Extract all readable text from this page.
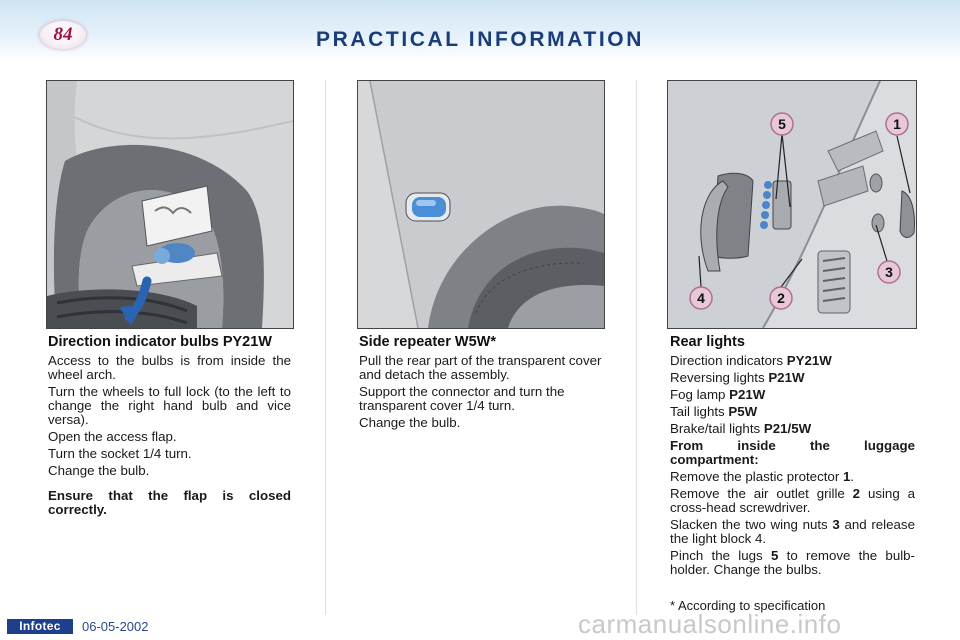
84	PRACTICAL INFORMATION
5	1
3
4	2
Direction indicator bulbs PY21W

Access to the bulbs is from inside the wheel arch.

Turn the wheels to full lock (to the left to change the right hand bulb and vice versa).

Open the access flap.

Turn the socket 1/4 turn.

Change the bulb.

Ensure that the flap is closed correctly.

Side repeater W5W*

Pull the rear part of the transparent cover and detach the assembly.

Support the connector and turn the transparent cover 1/4 turn.

Change the bulb.

Rear lights

Direction indicators PY21W

Reversing lights P21W

Fog lamp P21W

Tail lights P5W

Brake/tail lights P21/5W

From inside the luggage compartment:

Remove the plastic protector 1.

Remove the air outlet grille 2 using a cross-head screwdriver.

Slacken the two wing nuts 3 and release the light block 4.

Pinch the lugs 5 to remove the bulb-holder. Change the bulbs.

* According to specification
carmanualsonline.info
Infotec	06-05-2002
